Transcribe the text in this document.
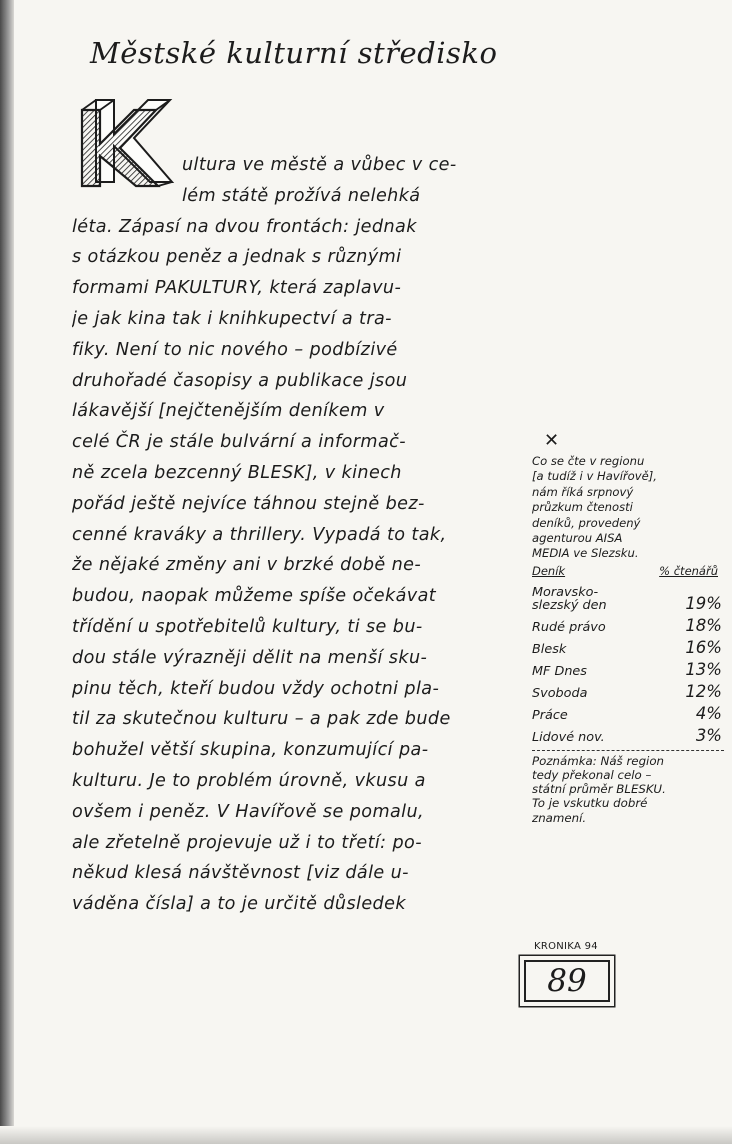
Městské kulturní středisko
ultura ve městě a vůbec v ce-
lém státě prožívá nelehká
léta. Zápasí na dvou frontách: jednak
s otázkou peněz a jednak s různými
formami PAKULTURY, která zaplavu-
je jak kina tak i knihkupectví a tra-
fiky. Není to nic nového – podbízivé
druhořadé časopisy a publikace jsou
lákavější [nejčtenějším deníkem v
celé ČR je stále bulvární a informač-
ně zcela bezcenný BLESK], v kinech
pořád ještě nejvíce táhnou stejně bez-
cenné kraváky a thrillery. Vypadá to tak,
že nějaké změny ani v brzké době ne-
budou, naopak můžeme spíše očekávat
třídění u spotřebitelů kultury, ti se bu-
dou stále výrazněji dělit na menší sku-
pinu těch, kteří budou vždy ochotni pla-
til za skutečnou kulturu – a pak zde bude
bohužel větší skupina, konzumující pa-
kulturu. Je to problém úrovně, vkusu a
ovšem i peněz. V Havířově se pomalu,
ale zřetelně projevuje už i to třetí: po-
někud klesá návštěvnost [viz dále u-
váděna čísla] a to je určitě důsledek
✕
Co se čte v regionu
[a tudíž i v Havířově],
nám říká srpnový
průzkum čtenosti
deníků, provedený
agenturou AISA
MEDIA ve Slezsku.
Deník	% čtenářů
Moravsko-
slezský den	19%
Rudé právo	18%
Blesk	16%
MF Dnes	13%
Svoboda	12%
Práce	4%
Lidové nov.	3%
Poznámka: Náš region
tedy překonal celo –
státní průměr BLESKU.
To je vskutku dobré
znamení.
KRONIKA 94
89
